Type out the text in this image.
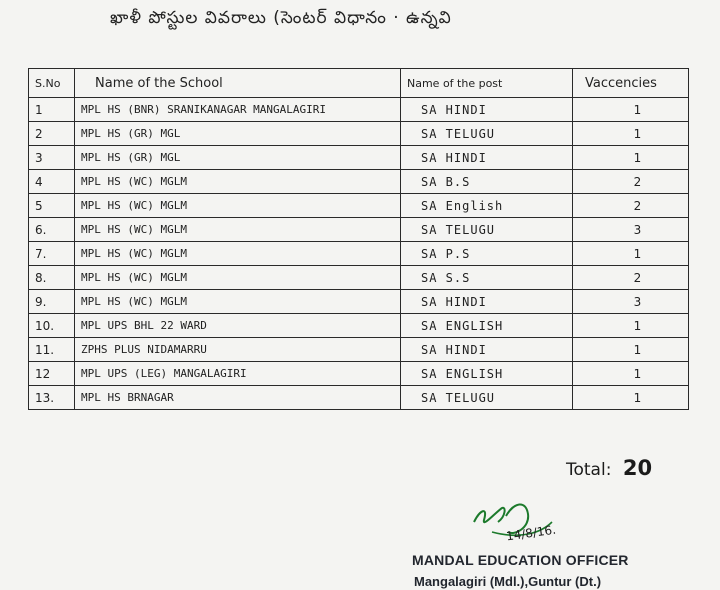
ఖాళీ పోస్టుల వివరాలు (సెంటర్ విధానం · ఉన్నవి
S.No	Name of the School	Name of the post	Vaccencies
1	MPL HS (BNR) SRANIKANAGAR MANGALAGIRI	SA HINDI	1
2	MPL HS (GR) MGL	SA TELUGU	1
3	MPL HS (GR) MGL	SA HINDI	1
4	MPL HS (WC) MGLM	SA B.S	2
5	MPL HS (WC) MGLM	SA English	2
6.	MPL HS (WC) MGLM	SA TELUGU	3
7.	MPL HS (WC) MGLM	SA P.S	1
8.	MPL HS (WC) MGLM	SA S.S	2
9.	MPL HS (WC) MGLM	SA HINDI	3
10.	MPL UPS BHL 22 WARD	SA ENGLISH	1
11.	ZPHS PLUS NIDAMARRU	SA HINDI	1
12	MPL UPS (LEG) MANGALAGIRI	SA ENGLISH	1
13.	MPL HS BRNAGAR	SA TELUGU	1
Total: 20
14/8/16.
MANDAL EDUCATION OFFICER
Mangalagiri (Mdl.),Guntur (Dt.)
